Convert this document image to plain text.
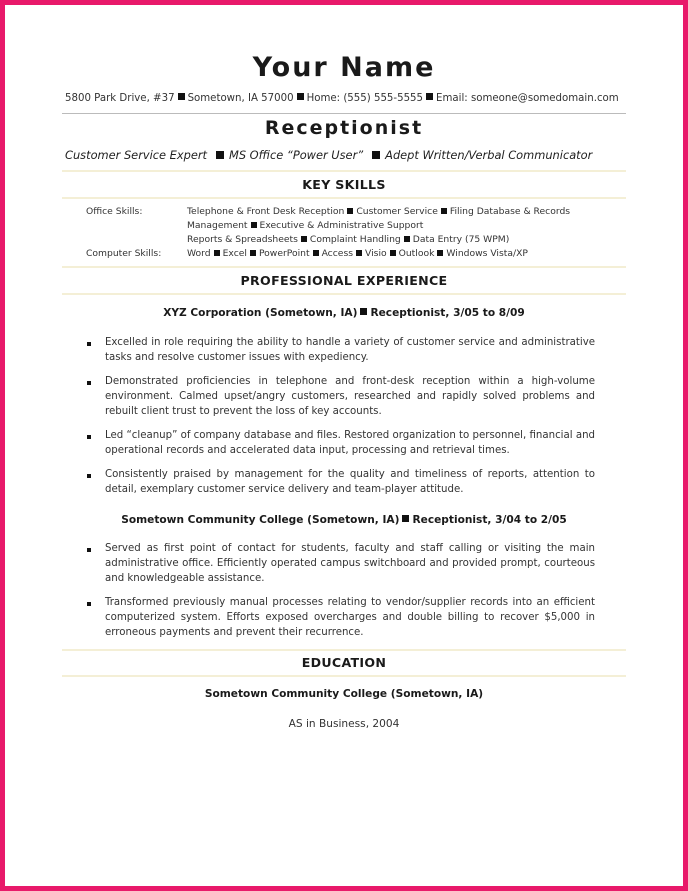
Your Name
5800 Park Drive, #37 Sometown, IA 57000 Home: (555) 555-5555 Email: someone@somedomain.com
Receptionist
Customer Service Expert MS Office “Power User” Adept Written/Verbal Communicator
KEY SKILLS
Office Skills:	Telephone & Front Desk Reception Customer Service Filing Database & Records
Management Executive & Administrative Support
Reports & Spreadsheets Complaint Handling Data Entry (75 WPM)
Computer Skills:	Word Excel PowerPoint Access Visio Outlook Windows Vista/XP
PROFESSIONAL EXPERIENCE
XYZ Corporation (Sometown, IA) Receptionist, 3/05 to 8/09
Excelled in role requiring the ability to handle a variety of customer service and administrative tasks and resolve customer issues with expediency.
Demonstrated proficiencies in telephone and front-desk reception within a high-volume environment. Calmed upset/angry customers, researched and rapidly solved problems and rebuilt client trust to prevent the loss of key accounts.
Led “cleanup” of company database and files. Restored organization to personnel, financial and operational records and accelerated data input, processing and retrieval times.
Consistently praised by management for the quality and timeliness of reports, attention to detail, exemplary customer service delivery and team-player attitude.
Sometown Community College (Sometown, IA) Receptionist, 3/04 to 2/05
Served as first point of contact for students, faculty and staff calling or visiting the main administrative office. Efficiently operated campus switchboard and provided prompt, courteous and knowledgeable assistance.
Transformed previously manual processes relating to vendor/supplier records into an efficient computerized system. Efforts exposed overcharges and double billing to recover $5,000 in erroneous payments and prevent their recurrence.
EDUCATION
Sometown Community College (Sometown, IA)
AS in Business, 2004
